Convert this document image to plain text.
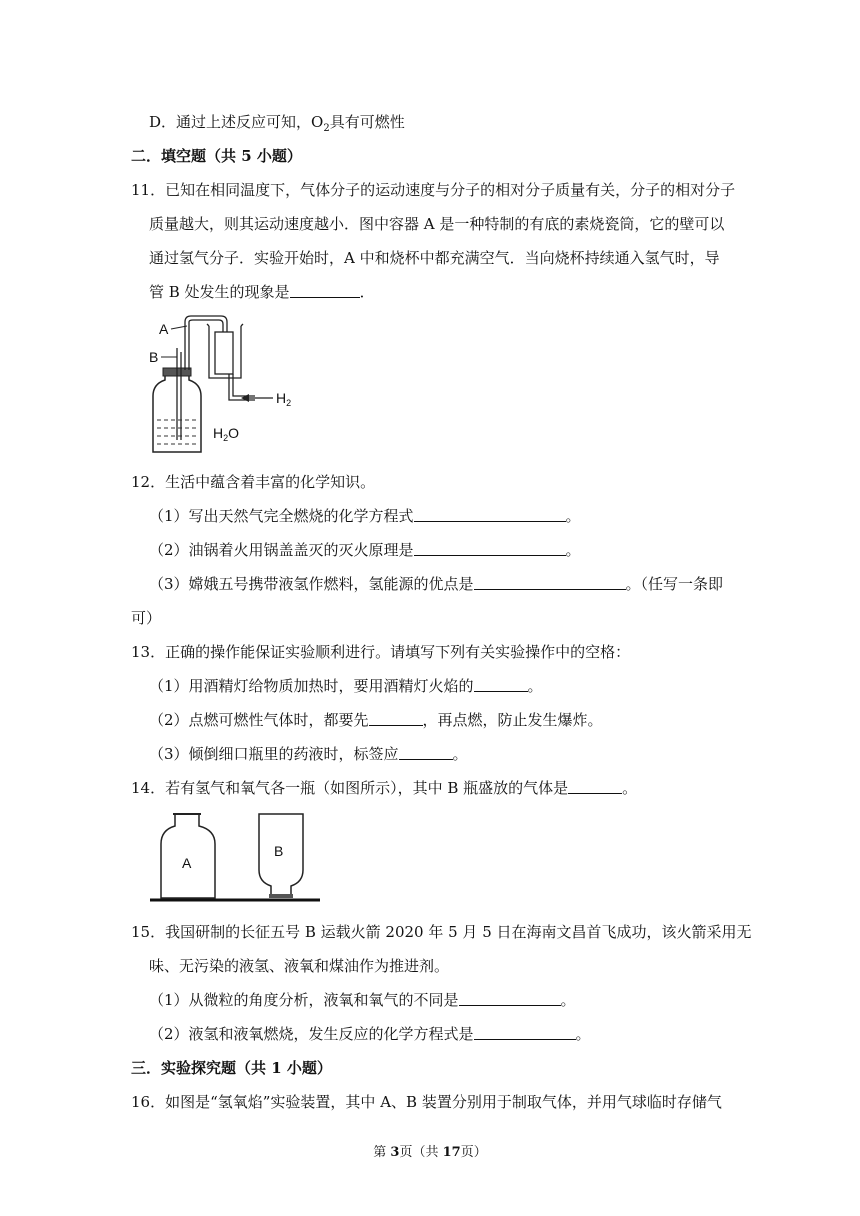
D．通过上述反应可知，$O_2$具有可燃性
二．填空题（共 5 小题）
11．已知在相同温度下，气体分子的运动速度与分子的相对分子质量有关，分子的相对分子
质量越大，则其运动速度越小．图中容器 A 是一种特制的有底的素烧瓷筒，它的壁可以
通过氢气分子．实验开始时，A 中和烧杯中都充满空气．当向烧杯持续通入氢气时，导
管 B 处发生的现象是	．
A
B
$H_2O$
$H_2$
12．生活中蕴含着丰富的化学知识。
（1）写出天然气完全燃烧的化学方程式	。
（2）油锅着火用锅盖盖灭的灭火原理是	。
（3）嫦娥五号携带液氢作燃料，氢能源的优点是	。（任写一条即
可）
13．正确的操作能保证实验顺利进行。请填写下列有关实验操作中的空格：
（1）用酒精灯给物质加热时，要用酒精灯火焰的	。
（2）点燃可燃性气体时，都要先	，再点燃，防止发生爆炸。
（3）倾倒细口瓶里的药液时，标签应	。
14．若有氢气和氧气各一瓶（如图所示），其中 B 瓶盛放的气体是	。
A
B
15．我国研制的长征五号 B 运载火箭 2020 年 5 月 5 日在海南文昌首飞成功，该火箭采用无
味、无污染的液氢、液氧和煤油作为推进剂。
（1）从微粒的角度分析，液氧和氧气的不同是	。
（2）液氢和液氧燃烧，发生反应的化学方程式是	。
三．实验探究题（共 1 小题）
16．如图是“氢氧焰”实验装置，其中 A、B 装置分别用于制取气体，并用气球临时存储气
第 3页（共 17页）
